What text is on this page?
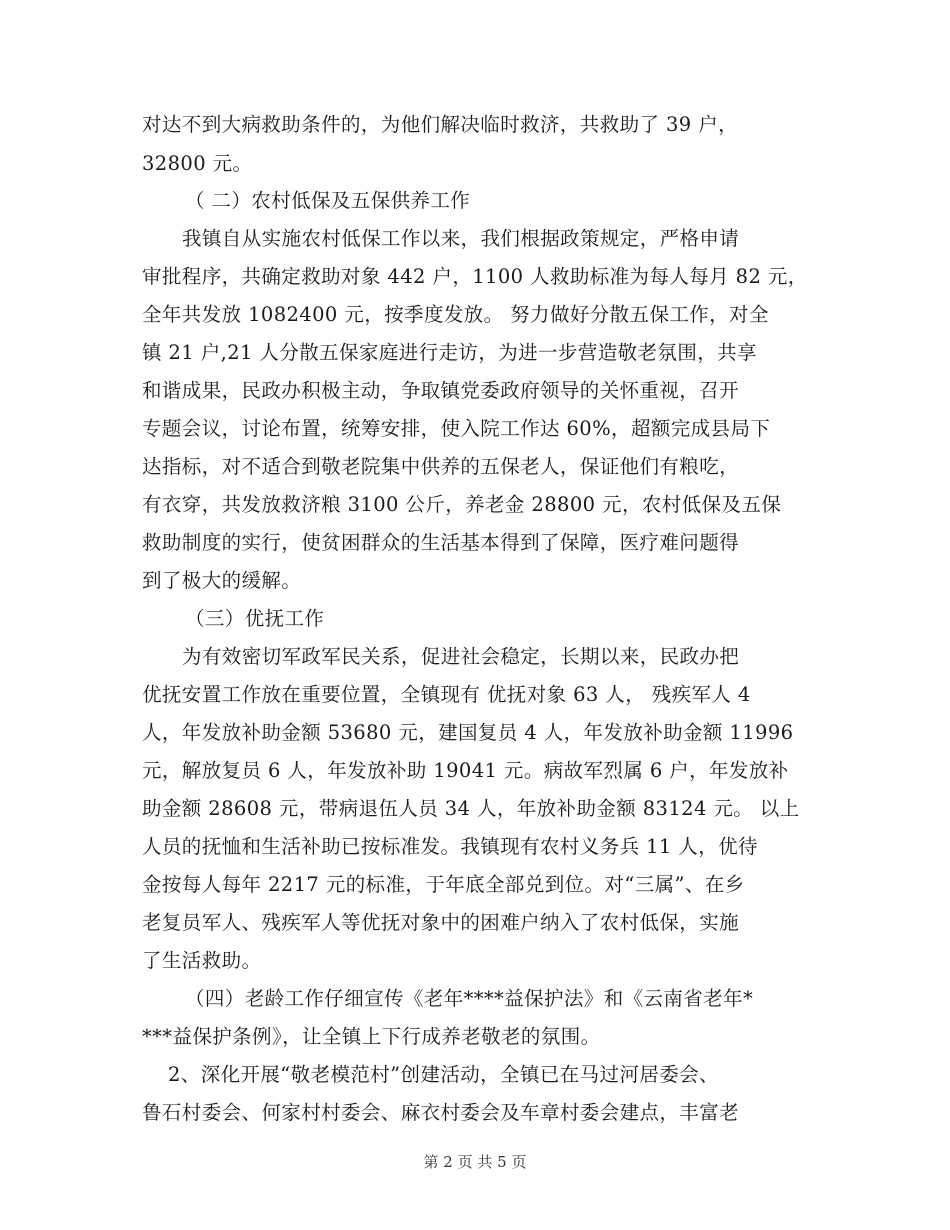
对达不到大病救助条件的，为他们解决临时救济，共救助了 39 户，

32800 元。

（ 二）农村低保及五保供养工作

我镇自从实施农村低保工作以来，我们根据政策规定，严格申请

审批程序，共确定救助对象 442 户，1100 人救助标准为每人每月 82 元，

全年共发放 1082400 元，按季度发放。 努力做好分散五保工作，对全

镇 21 户,21 人分散五保家庭进行走访，为进一步营造敬老氛围，共享

和谐成果，民政办积极主动，争取镇党委政府领导的关怀重视，召开

专题会议，讨论布置，统筹安排，使入院工作达 60%，超额完成县局下

达指标，对不适合到敬老院集中供养的五保老人，保证他们有粮吃，

有衣穿，共发放救济粮 3100 公斤，养老金 28800 元，农村低保及五保

救助制度的实行，使贫困群众的生活基本得到了保障，医疗难问题得

到了极大的缓解。

（三）优抚工作

为有效密切军政军民关系，促进社会稳定，长期以来，民政办把

优抚安置工作放在重要位置，全镇现有 优抚对象 63 人， 残疾军人 4

人，年发放补助金额 53680 元，建国复员 4 人，年发放补助金额 11996

元，解放复员 6 人，年发放补助 19041 元。病故军烈属 6 户，年发放补

助金额 28608 元，带病退伍人员 34 人，年放补助金额 83124 元。 以上

人员的抚恤和生活补助已按标准发。我镇现有农村义务兵 11 人，优待

金按每人每年 2217 元的标准，于年底全部兑到位。对“三属”、在乡

老复员军人、残疾军人等优抚对象中的困难户纳入了农村低保，实施

了生活救助。

（四）老龄工作仔细宣传《老年****益保护法》和《云南省老年*

***益保护条例》，让全镇上下行成养老敬老的氛围。

2、深化开展“敬老模范村”创建活动，全镇已在马过河居委会、

鲁石村委会、何家村村委会、麻衣村委会及车章村委会建点，丰富老

第 2 页 共 5 页
